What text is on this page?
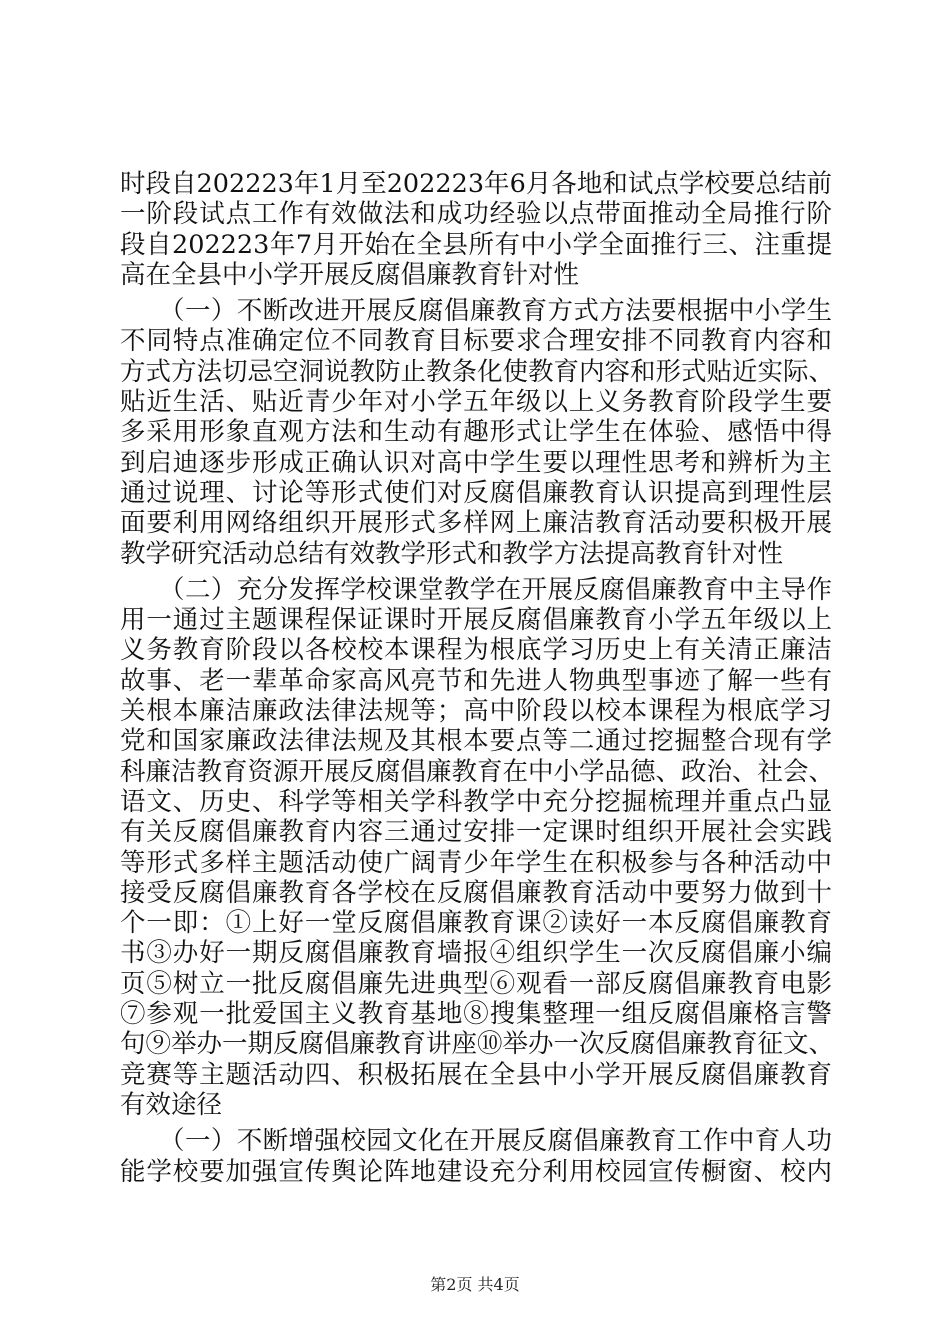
时段自202223年1月至202223年6月各地和试点学校要总结前
一阶段试点工作有效做法和成功经验以点带面推动全局推行阶
段自202223年7月开始在全县所有中小学全面推行三、注重提
高在全县中小学开展反腐倡廉教育针对性
　　（一）不断改进开展反腐倡廉教育方式方法要根据中小学生
不同特点准确定位不同教育目标要求合理安排不同教育内容和
方式方法切忌空洞说教防止教条化使教育内容和形式贴近实际、
贴近生活、贴近青少年对小学五年级以上义务教育阶段学生要
多采用形象直观方法和生动有趣形式让学生在体验、感悟中得
到启迪逐步形成正确认识对高中学生要以理性思考和辨析为主
通过说理、讨论等形式使们对反腐倡廉教育认识提高到理性层
面要利用网络组织开展形式多样网上廉洁教育活动要积极开展
教学研究活动总结有效教学形式和教学方法提高教育针对性
　　（二）充分发挥学校课堂教学在开展反腐倡廉教育中主导作
用一通过主题课程保证课时开展反腐倡廉教育小学五年级以上
义务教育阶段以各校校本课程为根底学习历史上有关清正廉洁
故事、老一辈革命家高风亮节和先进人物典型事迹了解一些有
关根本廉洁廉政法律法规等；高中阶段以校本课程为根底学习
党和国家廉政法律法规及其根本要点等二通过挖掘整合现有学
科廉洁教育资源开展反腐倡廉教育在中小学品德、政治、社会、
语文、历史、科学等相关学科教学中充分挖掘梳理并重点凸显
有关反腐倡廉教育内容三通过安排一定课时组织开展社会实践
等形式多样主题活动使广阔青少年学生在积极参与各种活动中
接受反腐倡廉教育各学校在反腐倡廉教育活动中要努力做到十
个一即：①上好一堂反腐倡廉教育课②读好一本反腐倡廉教育
书③办好一期反腐倡廉教育墙报④组织学生一次反腐倡廉小编
页⑤树立一批反腐倡廉先进典型⑥观看一部反腐倡廉教育电影
⑦参观一批爱国主义教育基地⑧搜集整理一组反腐倡廉格言警
句⑨举办一期反腐倡廉教育讲座⑩举办一次反腐倡廉教育征文、
竞赛等主题活动四、积极拓展在全县中小学开展反腐倡廉教育
有效途径
　　（一）不断增强校园文化在开展反腐倡廉教育工作中育人功
能学校要加强宣传舆论阵地建设充分利用校园宣传橱窗、校内
第2页 共4页
